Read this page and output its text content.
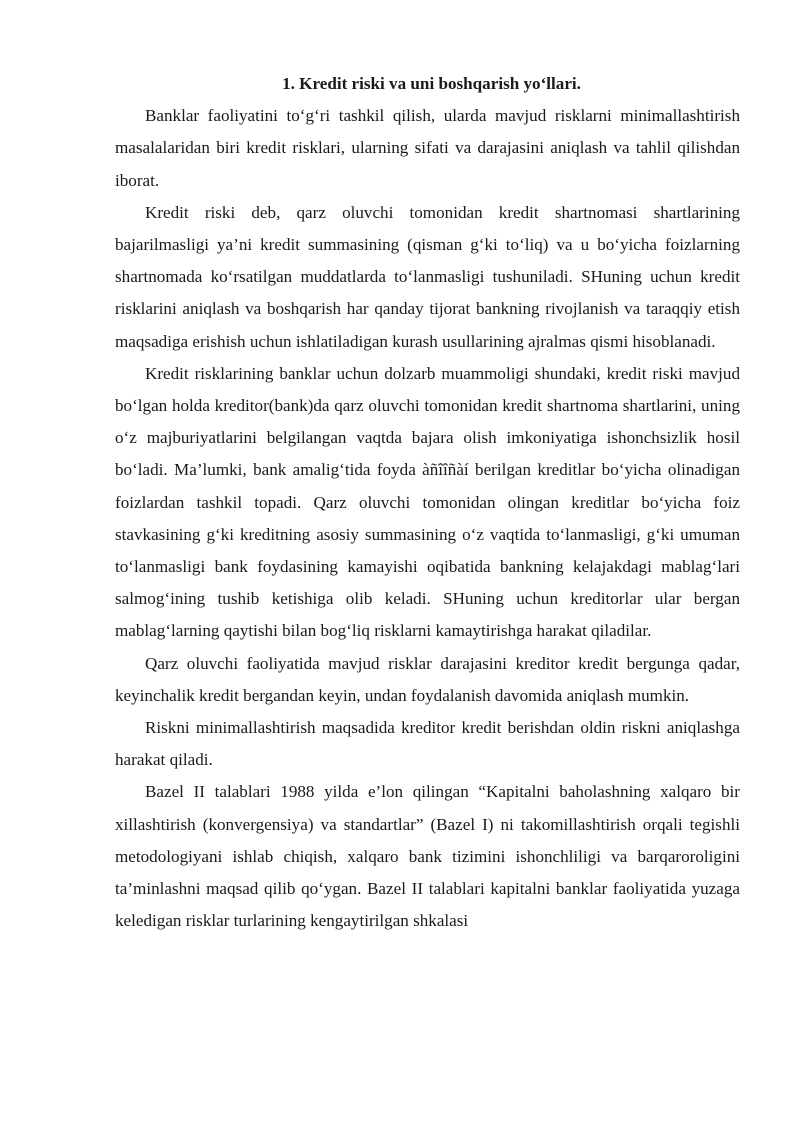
1. Kredit riski va uni boshqarish yo‘llari.

Banklar faoliyatini to‘g‘ri tashkil qilish, ularda mavjud risklarni minimallashtirish masalalaridan biri kredit risklari, ularning sifati va darajasini aniqlash va tahlil qilishdan iborat.

Kredit riski deb, qarz oluvchi tomonidan kredit shartnomasi shartlarining bajarilmasligi ya’ni kredit summasining (qisman g‘ki to‘liq) va u bo‘yicha foizlarning shartnomada ko‘rsatilgan muddatlarda to‘lanmasligi tushuniladi. SHuning uchun kredit risklarini aniqlash va boshqarish har qanday tijorat bankning rivojlanish va taraqqiy etish maqsadiga erishish uchun ishlatiladigan kurash usullarining ajralmas qismi hisoblanadi.

Kredit risklarining banklar uchun dolzarb muammoligi shundaki, kredit riski mavjud bo‘lgan holda kreditor(bank)da qarz oluvchi tomonidan kredit shartnoma shartlarini, uning o‘z majburiyatlarini belgilangan vaqtda bajara olish imkoniyatiga ishonchsizlik hosil bo‘ladi. Ma’lumki, bank amalig‘tida foyda àñîîñàí berilgan kreditlar bo‘yicha olinadigan foizlardan tashkil topadi. Qarz oluvchi tomonidan olingan kreditlar bo‘yicha foiz stavkasining g‘ki kreditning asosiy summasining o‘z vaqtida to‘lanmasligi, g‘ki umuman to‘lanmasligi bank foydasining kamayishi oqibatida bankning kelajakdagi mablag‘lari salmog‘ining tushib ketishiga olib keladi. SHuning uchun kreditorlar ular bergan mablag‘larning qaytishi bilan bog‘liq risklarni kamaytirishga harakat qiladilar.

Qarz oluvchi faoliyatida mavjud risklar darajasini kreditor kredit bergunga qadar, keyinchalik kredit bergandan keyin, undan foydalanish davomida aniqlash mumkin.

Riskni minimallashtirish maqsadida kreditor kredit berishdan oldin riskni aniqlashga harakat qiladi.

Bazel II talablari 1988 yilda e’lon qilingan “Kapitalni baholashning xalqaro bir xillashtirish (konvergensiya) va standartlar” (Bazel I) ni takomillashtirish orqali tegishli metodologiyani ishlab chiqish, xalqaro bank tizimini ishonchliligi va barqarorolig‌ini ta’minlashni maqsad qilib qo‘ygan. Bazel II talablari kapitalni banklar faoliyatida yuzaga keledigan risklar turlarining kengaytirilgan shkalasi
